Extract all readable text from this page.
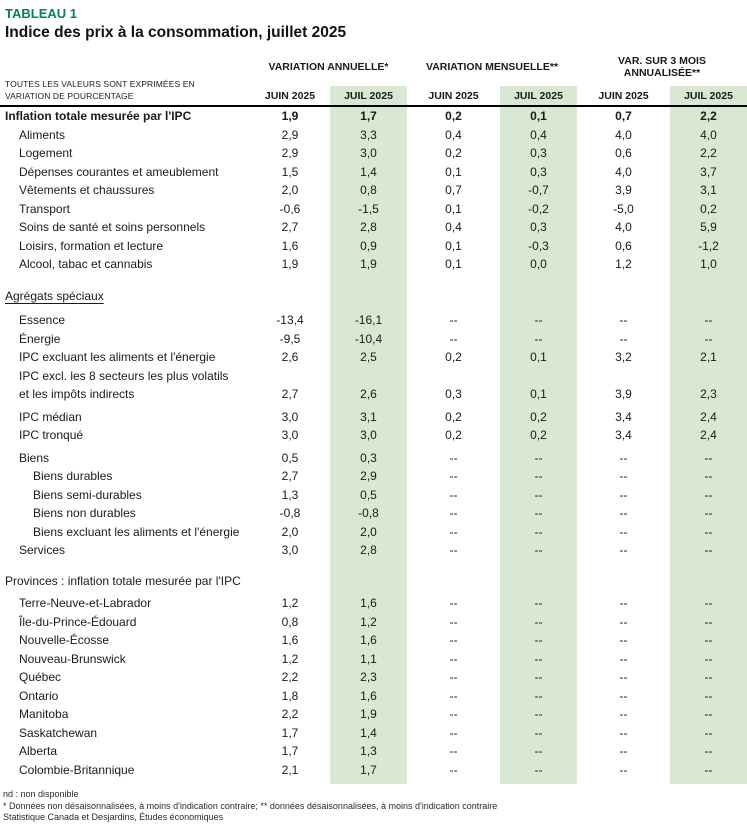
TABLEAU 1
Indice des prix à la consommation, juillet 2025
TOUTES LES VALEURS SONT EXPRIMÉES EN
VARIATION DE POURCENTAGE
VARIATION ANNUELLE*	VARIATION MENSUELLE**	VAR. SUR 3 MOIS ANNUALISÉE**
JUIN 2025	JUIL 2025	JUIN 2025	JUIL 2025	JUIN 2025	JUIL 2025
Inflation totale mesurée par l'IPC	1,9	1,7	0,2	0,1	0,7	2,2
Aliments	2,9	3,3	0,4	0,4	4,0	4,0
Logement	2,9	3,0	0,2	0,3	0,6	2,2
Dépenses courantes et ameublement	1,5	1,4	0,1	0,3	4,0	3,7
Vêtements et chaussures	2,0	0,8	0,7	-0,7	3,9	3,1
Transport	-0,6	-1,5	0,1	-0,2	-5,0	0,2
Soins de santé et soins personnels	2,7	2,8	0,4	0,3	4,0	5,9
Loisirs, formation et lecture	1,6	0,9	0,1	-0,3	0,6	-1,2
Alcool, tabac et cannabis	1,9	1,9	0,1	0,0	1,2	1,0
Agrégats spéciaux
Essence	-13,4	-16,1	--	--	--	--
Énergie	-9,5	-10,4	--	--	--	--
IPC excluant les aliments et l'énergie	2,6	2,5	0,2	0,1	3,2	2,1
IPC excl. les 8 secteurs les plus volatils
et les impôts indirects	2,7	2,6	0,3	0,1	3,9	2,3
IPC médian	3,0	3,1	0,2	0,2	3,4	2,4
IPC tronqué	3,0	3,0	0,2	0,2	3,4	2,4
Biens	0,5	0,3	--	--	--	--
Biens durables	2,7	2,9	--	--	--	--
Biens semi-durables	1,3	0,5	--	--	--	--
Biens non durables	-0,8	-0,8	--	--	--	--
Biens excluant les aliments et l'énergie	2,0	2,0	--	--	--	--
Services	3,0	2,8	--	--	--	--
Provinces : inflation totale mesurée par l'IPC
Terre-Neuve-et-Labrador	1,2	1,6	--	--	--	--
Île-du-Prince-Édouard	0,8	1,2	--	--	--	--
Nouvelle-Écosse	1,6	1,6	--	--	--	--
Nouveau-Brunswick	1,2	1,1	--	--	--	--
Québec	2,2	2,3	--	--	--	--
Ontario	1,8	1,6	--	--	--	--
Manitoba	2,2	1,9	--	--	--	--
Saskatchewan	1,7	1,4	--	--	--	--
Alberta	1,7	1,3	--	--	--	--
Colombie-Britannique	2,1	1,7	--	--	--	--
nd : non disponible
* Données non désaisonnalisées, à moins d'indication contraire; ** données désaisonnalisées, à moins d'indication contraire
Statistique Canada et Desjardins, Études économiques
